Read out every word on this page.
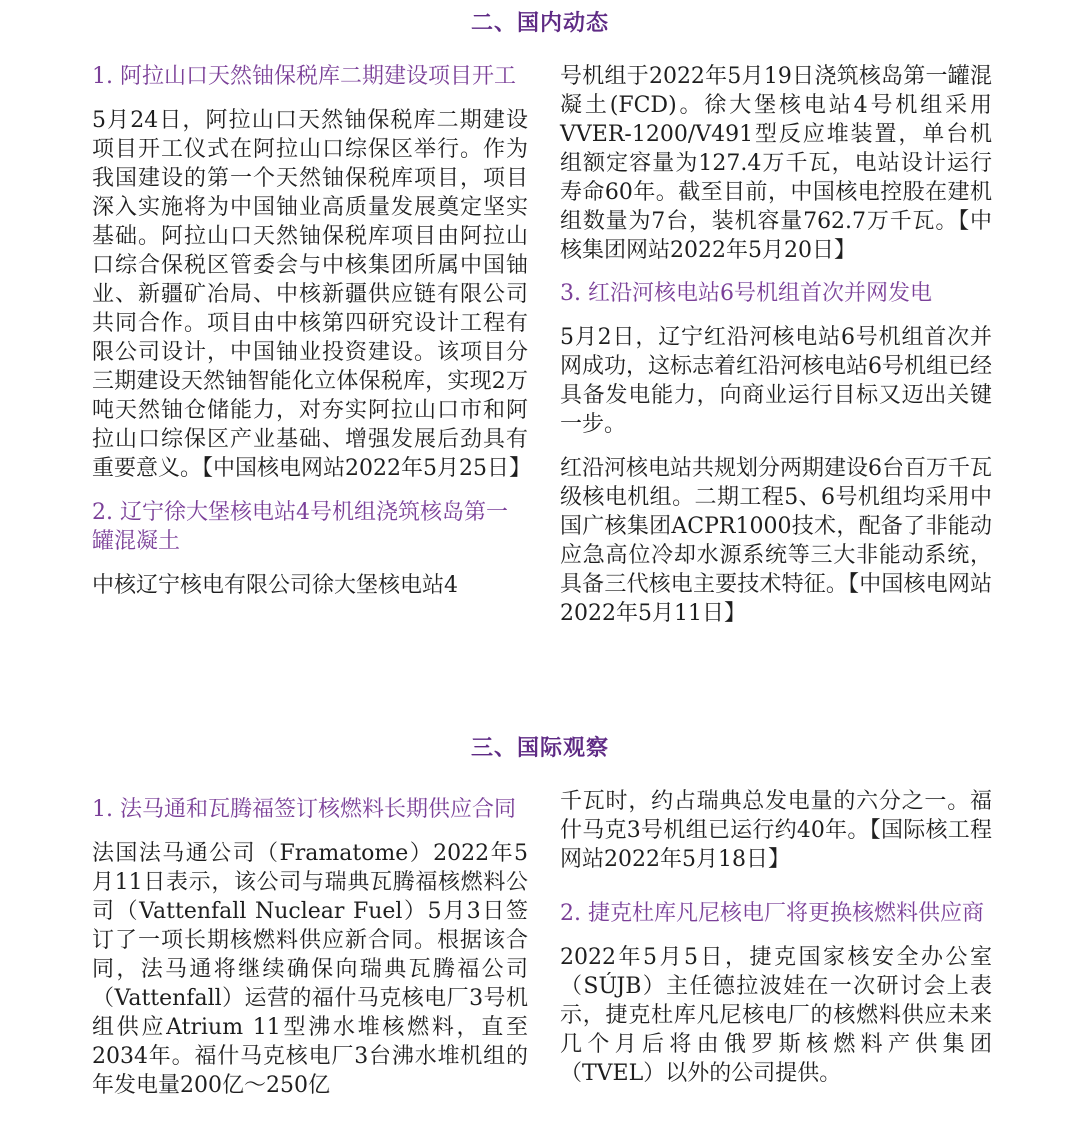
二、国内动态
1. 阿拉山口天然铀保税库二期建设项目开工

5月24日，阿拉山口天然铀保税库二期建设项目开工仪式在阿拉山口综保区举行。作为我国建设的第一个天然铀保税库项目，项目深入实施将为中国铀业高质量发展奠定坚实基础。阿拉山口天然铀保税库项目由阿拉山口综合保税区管委会与中核集团所属中国铀业、新疆矿冶局、中核新疆供应链有限公司共同合作。项目由中核第四研究设计工程有限公司设计，中国铀业投资建设。该项目分三期建设天然铀智能化立体保税库，实现2万吨天然铀仓储能力，对夯实阿拉山口市和阿拉山口综保区产业基础、增强发展后劲具有重要意义。【中国核电网站2022年5月25日】

2. 辽宁徐大堡核电站4号机组浇筑核岛第一罐混凝土

中核辽宁核电有限公司徐大堡核电站4

号机组于2022年5月19日浇筑核岛第一罐混凝土(FCD)。徐大堡核电站4号机组采用VVER-1200/V491型反应堆装置，单台机组额定容量为127.4万千瓦，电站设计运行寿命60年。截至目前，中国核电控股在建机组数量为7台，装机容量762.7万千瓦。【中核集团网站2022年5月20日】

3. 红沿河核电站6号机组首次并网发电

5月2日，辽宁红沿河核电站6号机组首次并网成功，这标志着红沿河核电站6号机组已经具备发电能力，向商业运行目标又迈出关键一步。

红沿河核电站共规划分两期建设6台百万千瓦级核电机组。二期工程5、6号机组均采用中国广核集团ACPR1000技术，配备了非能动应急高位冷却水源系统等三大非能动系统，具备三代核电主要技术特征。【中国核电网站2022年5月11日】

三、国际观察
1. 法马通和瓦腾福签订核燃料长期供应合同

法国法马通公司（Framatome）2022年5月11日表示，该公司与瑞典瓦腾福核燃料公司（Vattenfall Nuclear Fuel）5月3日签订了一项长期核燃料供应新合同。根据该合同，法马通将继续确保向瑞典瓦腾福公司（Vattenfall）运营的福什马克核电厂3号机组供应Atrium 11型沸水堆核燃料，直至2034年。福什马克核电厂3台沸水堆机组的年发电量200亿～250亿

千瓦时，约占瑞典总发电量的六分之一。福什马克3号机组已运行约40年。【国际核工程网站2022年5月18日】

2. 捷克杜库凡尼核电厂将更换核燃料供应商

2022年5月5日，捷克国家核安全办公室（SÚJB）主任德拉波娃在一次研讨会上表示，捷克杜库凡尼核电厂的核燃料供应未来几个月后将由俄罗斯核燃料产供集团（TVEL）以外的公司提供。
